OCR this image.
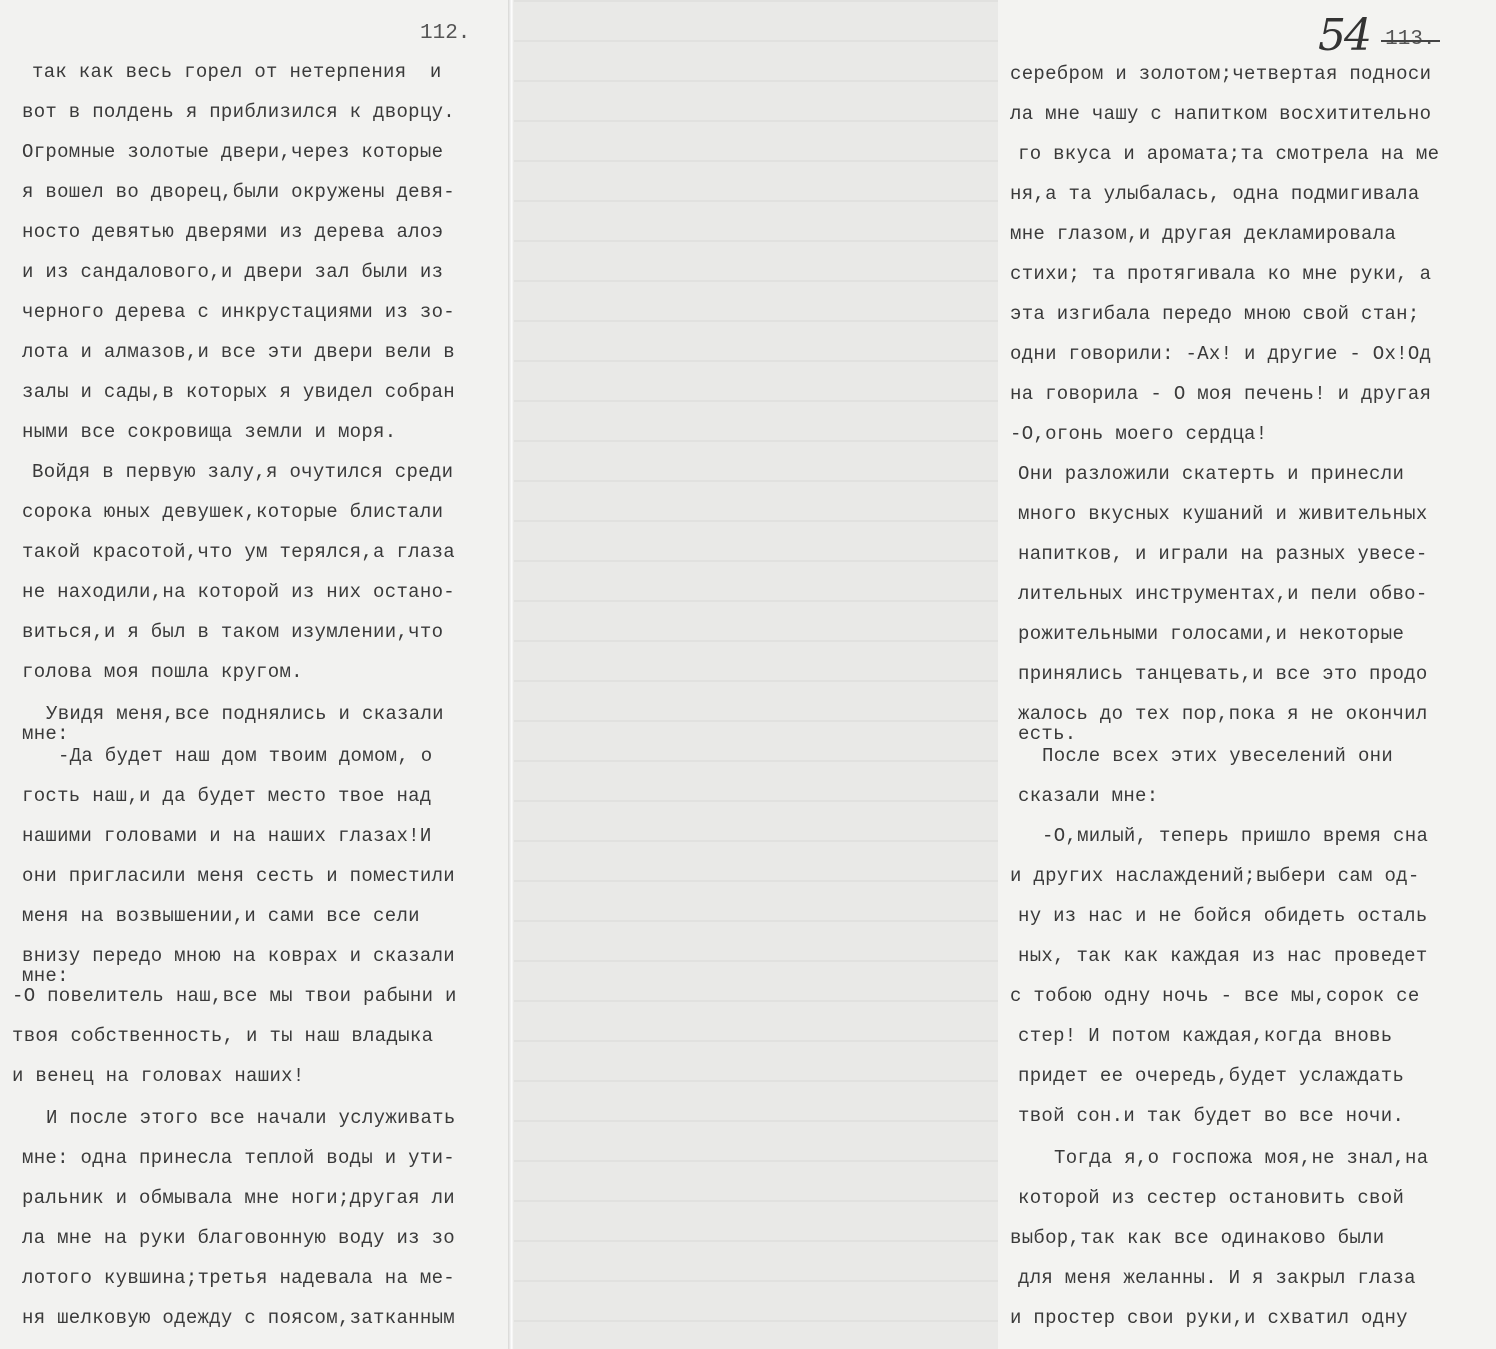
112.
так как весь горел от нетерпения  и
вот в полдень я приблизился к дворцу.
Огромные золотые двери,через которые
я вошел во дворец,были окружены девя-
ностo девятью дверями из дерева алоэ
и из сандалового,и двери зал были из
черного дерева с инкрустациями из зо-
лота и алмазов,и все эти двери вели в
залы и сады,в которых я увидел собран
ными все сокровища земли и моря.
Войдя в первую залу,я очутился среди
сорока юных девушек,которые блистали
такой красотой,что ум терялся,а глаза
не находили,на которой из них остано-
виться,и я был в таком изумлении,что
голова моя пошла кругом.
Увидя меня,все поднялись и сказали
мне:
-Да будет наш дом твоим домом, о
гость наш,и да будет место твое над
нашими головами и на наших глазах!И
они пригласили меня сесть и поместили
меня на возвышении,и сами все сели
внизу передо мною на коврах и сказали
мне:
-О повелитель наш,все мы твои рабыни и
твоя собственность, и ты наш владыка
и венец на головах наших!
И после этого все начали услуживать
мне: одна принесла теплой воды и ути-
ральник и обмывала мне ноги;другая ли
ла мне на руки благовонную воду из зо
лотого кувшина;третья надевала на ме-
ня шелковую одежду с поясом,затканным
серебром и золотом;четвертая подноси
ла мне чашу с напитком восхитительно
го вкуса и аромата;та смотрела на ме
ня,а та улыбалась, одна подмигивала
мне глазом,и другая декламировала
стихи; та протягивала ко мне руки, а
эта изгибала передо мною свой стан;
одни говорили: -Ах! и другие - Ох!Од
на говорила - О моя печень! и другая
-О,огонь моего сердца!
Они разложили скатерть и принесли
много вкусных кушаний и живительных
напитков, и играли на разных увесе-
лительных инструментах,и пели обво-
рожительными голосами,и некоторые
принялись танцевать,и все это продо
жалось до тех пор,пока я не окончил
есть.
После всех этих увеселений они
сказали мне:
-О,милый, теперь пришло время сна
и других наслаждений;выбери сам од-
ну из нас и не бойся обидеть осталь
ных, так как каждая из нас проведет
с тобою одну ночь - все мы,сорок се
стер! И потом каждая,когда вновь
придет ее очередь,будет услаждать
твой сон.и так будет во все ночи.
Тогда я,о госпожа моя,не знал,на
которой из сестер остановить свой
выбор,так как все одинаково были
для меня желанны. И я закрыл глаза
и простер свои руки,и схватил одну
54 113.
